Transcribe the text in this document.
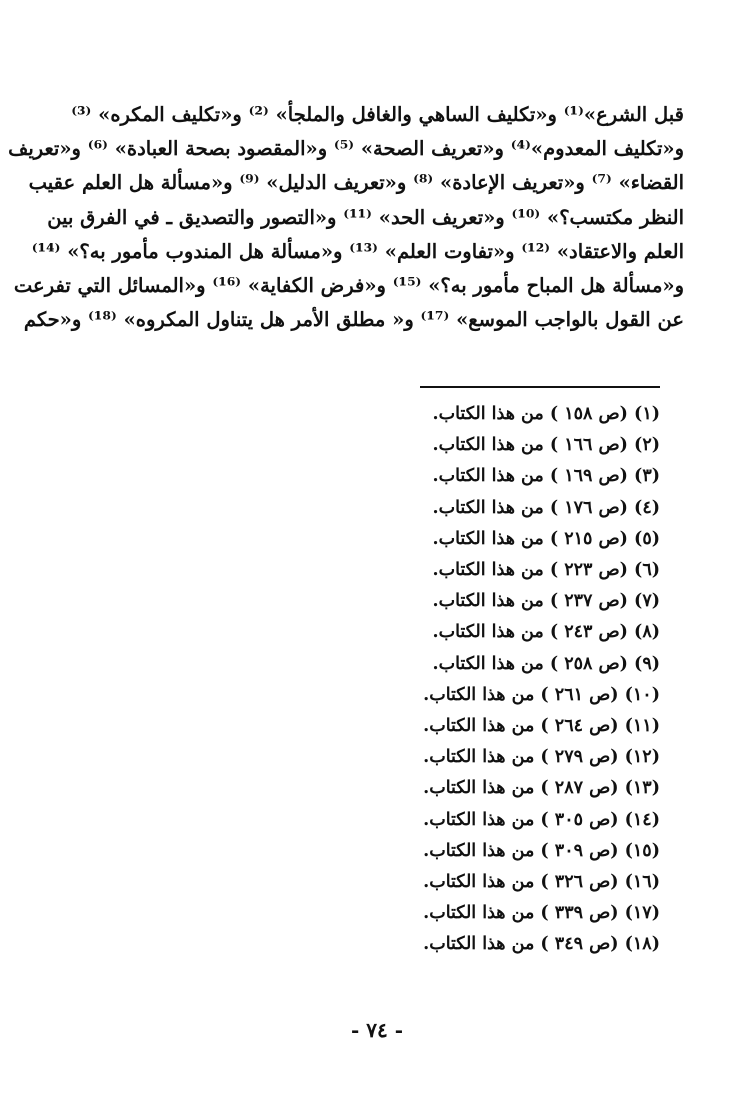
قبل الشرع»⁽¹⁾ و«تكليف الساهي والغافل والملجأ» ⁽²⁾ و«تكليف المكره» ⁽³⁾
و«تكليف المعدوم»⁽⁴⁾ و«تعريف الصحة» ⁽⁵⁾ و«المقصود بصحة العبادة» ⁽⁶⁾ و«تعريف
القضاء» ⁽⁷⁾ و«تعريف الإعادة» ⁽⁸⁾ و«تعريف الدليل» ⁽⁹⁾ و«مسألة هل العلم عقيب
النظر مكتسب؟» ⁽¹⁰⁾ و«تعريف الحد» ⁽¹¹⁾ و«التصور والتصديق ـ في الفرق بين
العلم والاعتقاد» ⁽¹²⁾ و«تفاوت العلم» ⁽¹³⁾ و«مسألة هل المندوب مأمور به؟» ⁽¹⁴⁾
و«مسألة هل المباح مأمور به؟» ⁽¹⁵⁾ و«فرض الكفاية» ⁽¹⁶⁾ و«المسائل التي تفرعت
عن القول بالواجب الموسع» ⁽¹⁷⁾ و« مطلق الأمر هل يتناول المكروه» ⁽¹⁸⁾ و«حكم
(١) (ص ١٥٨ ) من هذا الكتاب.
(٢) (ص ١٦٦ ) من هذا الكتاب.
(٣) (ص ١٦٩ ) من هذا الكتاب.
(٤) (ص ١٧٦ ) من هذا الكتاب.
(٥) (ص ٢١٥ ) من هذا الكتاب.
(٦) (ص ٢٢٣ ) من هذا الكتاب.
(٧) (ص ٢٣٧ ) من هذا الكتاب.
(٨) (ص ٢٤٣ ) من هذا الكتاب.
(٩) (ص ٢٥٨ ) من هذا الكتاب.
(١٠) (ص ٢٦١ ) من هذا الكتاب.
(١١) (ص ٢٦٤ ) من هذا الكتاب.
(١٢) (ص ٢٧٩ ) من هذا الكتاب.
(١٣) (ص ٢٨٧ ) من هذا الكتاب.
(١٤) (ص ٣٠٥ ) من هذا الكتاب.
(١٥) (ص ٣٠٩ ) من هذا الكتاب.
(١٦) (ص ٣٢٦ ) من هذا الكتاب.
(١٧) (ص ٣٣٩ ) من هذا الكتاب.
(١٨) (ص ٣٤٩ ) من هذا الكتاب.
- ٧٤ -
